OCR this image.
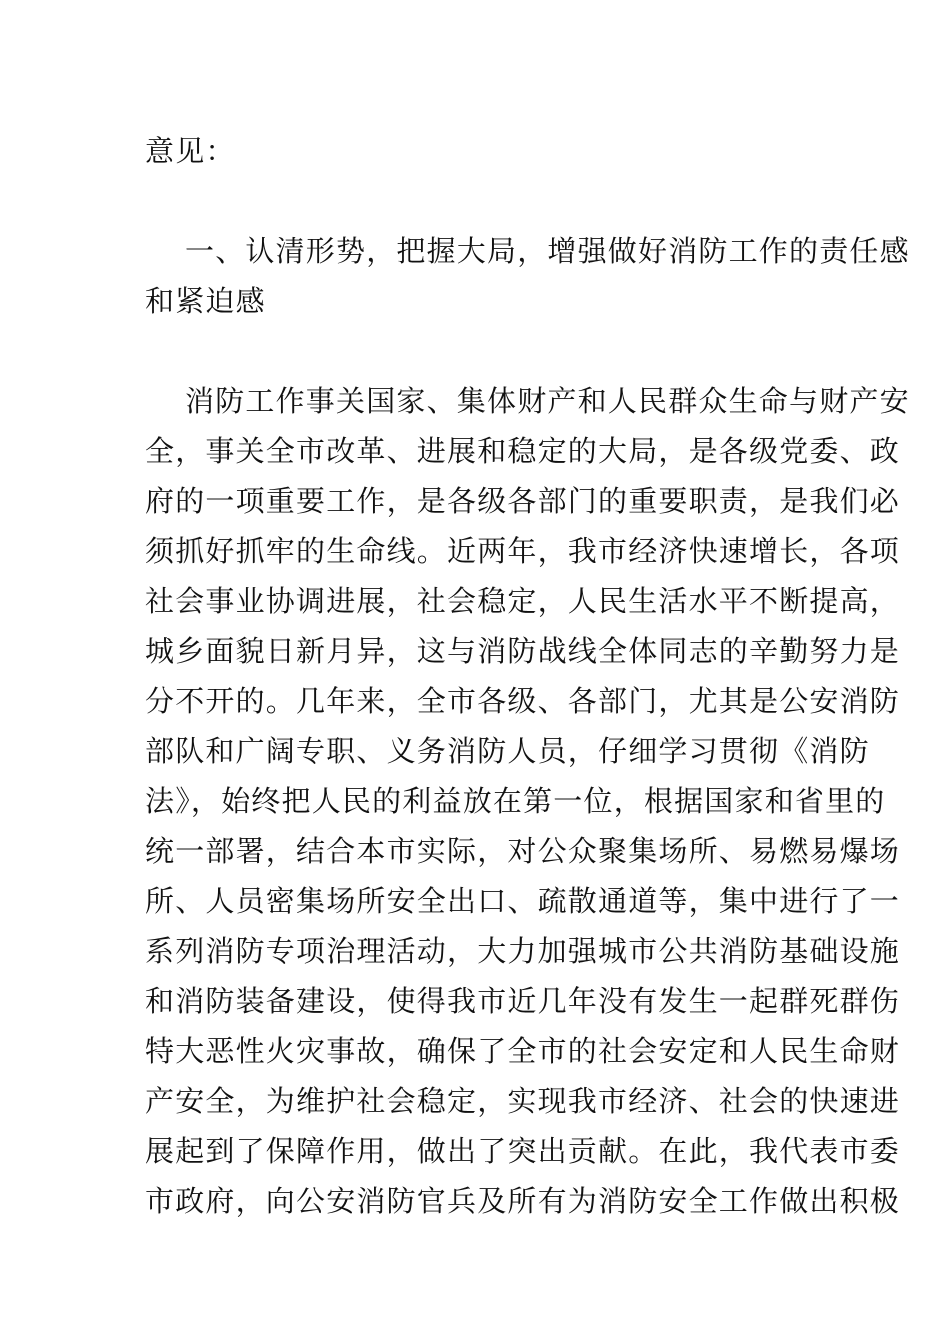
意见：
一、认清形势，把握大局，增强做好消防工作的责任感
和紧迫感
消防工作事关国家、集体财产和人民群众生命与财产安
全，事关全市改革、进展和稳定的大局，是各级党委、政
府的一项重要工作，是各级各部门的重要职责，是我们必
须抓好抓牢的生命线。近两年，我市经济快速增长，各项
社会事业协调进展，社会稳定，人民生活水平不断提高，
城乡面貌日新月异，这与消防战线全体同志的辛勤努力是
分不开的。几年来，全市各级、各部门，尤其是公安消防
部队和广阔专职、义务消防人员，仔细学习贯彻《消防
法》，始终把人民的利益放在第一位，根据国家和省里的
统一部署，结合本市实际，对公众聚集场所、易燃易爆场
所、人员密集场所安全出口、疏散通道等，集中进行了一
系列消防专项治理活动，大力加强城市公共消防基础设施
和消防装备建设，使得我市近几年没有发生一起群死群伤
特大恶性火灾事故，确保了全市的社会安定和人民生命财
产安全，为维护社会稳定，实现我市经济、社会的快速进
展起到了保障作用，做出了突出贡献。在此，我代表市委
市政府，向公安消防官兵及所有为消防安全工作做出积极
